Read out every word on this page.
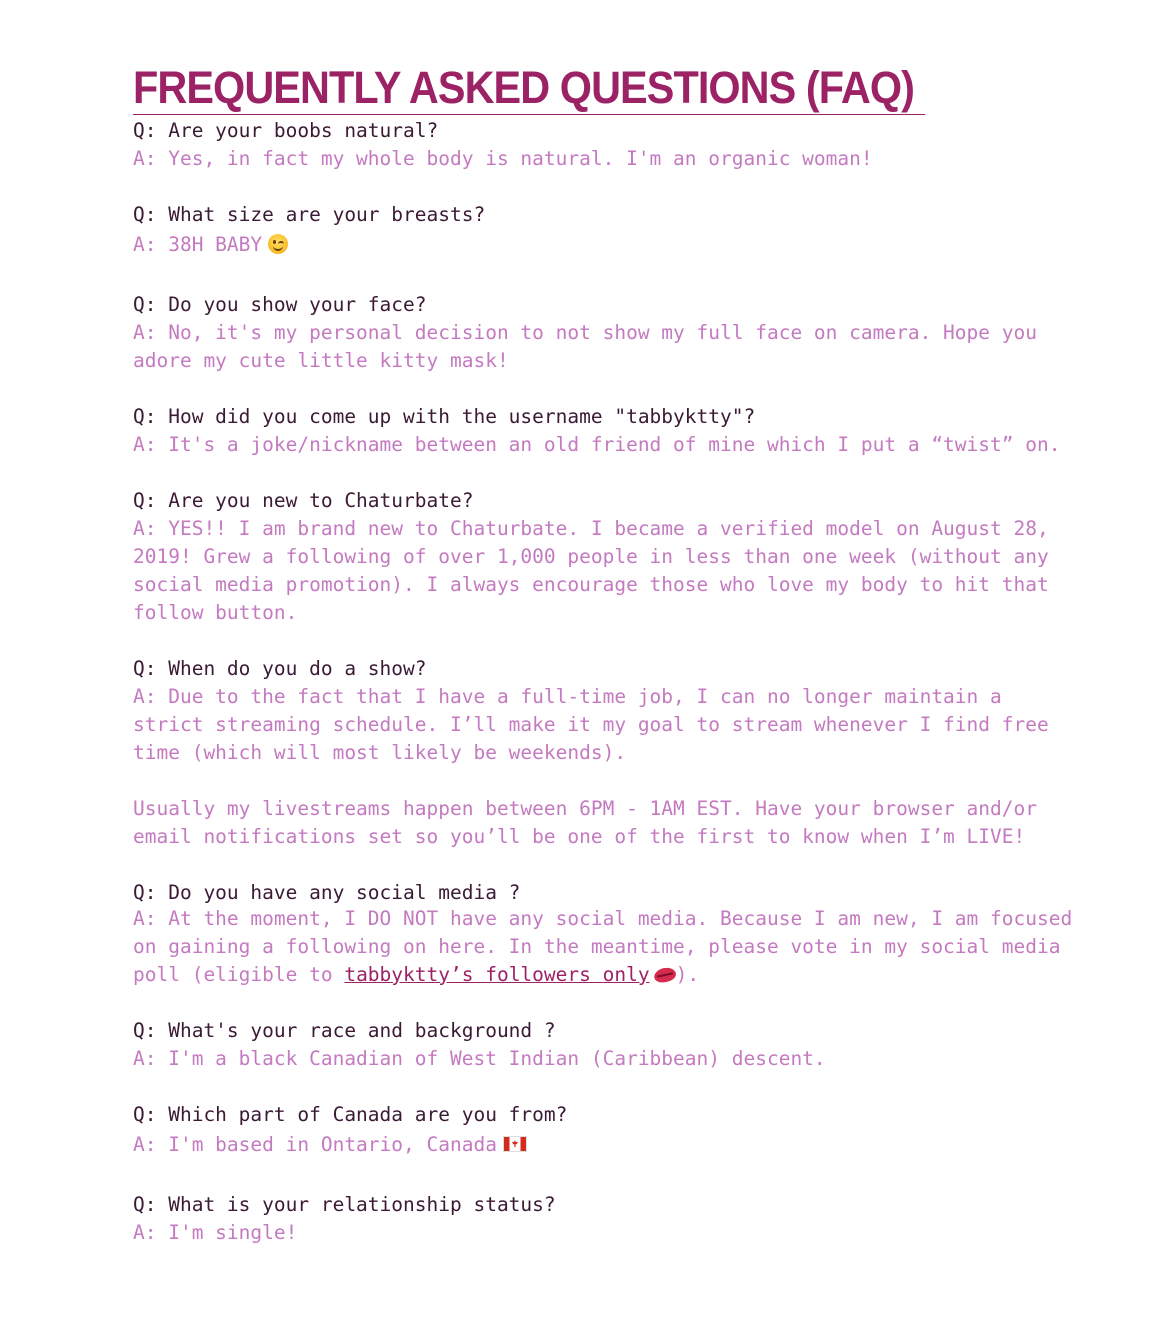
FREQUENTLY ASKED QUESTIONS (FAQ)
Q: Are your boobs natural?
A: Yes, in fact my whole body is natural. I'm an organic woman!
Q: What size are your breasts?
A: 38H BABY
Q: Do you show your face?
A: No, it's my personal decision to not show my full face on camera. Hope you adore my cute little kitty mask!
Q: How did you come up with the username "tabbyktty"?
A: It's a joke/nickname between an old friend of mine which I put a “twist” on.
Q: Are you new to Chaturbate?
A: YES!! I am brand new to Chaturbate. I became a verified model on August 28, 2019! Grew a following of over 1,000 people in less than one week (without any social media promotion). I always encourage those who love my body to hit that follow button.
Q: When do you do a show?
A: Due to the fact that I have a full-time job, I can no longer maintain a strict streaming schedule. I’ll make it my goal to stream whenever I find free time (which will most likely be weekends).
Usually my livestreams happen between 6PM - 1AM EST. Have your browser and/or email notifications set so you’ll be one of the first to know when I’m LIVE!
Q: Do you have any social media ?
A: At the moment, I DO NOT have any social media. Because I am new, I am focused on gaining a following on here. In the meantime, please vote in my social media poll (eligible to tabbyktty’s followers only ).
Q: What's your race and background ?
A: I'm a black Canadian of West Indian (Caribbean) descent.
Q: Which part of Canada are you from?
A: I'm based in Ontario, Canada
Q: What is your relationship status?
A: I'm single!
